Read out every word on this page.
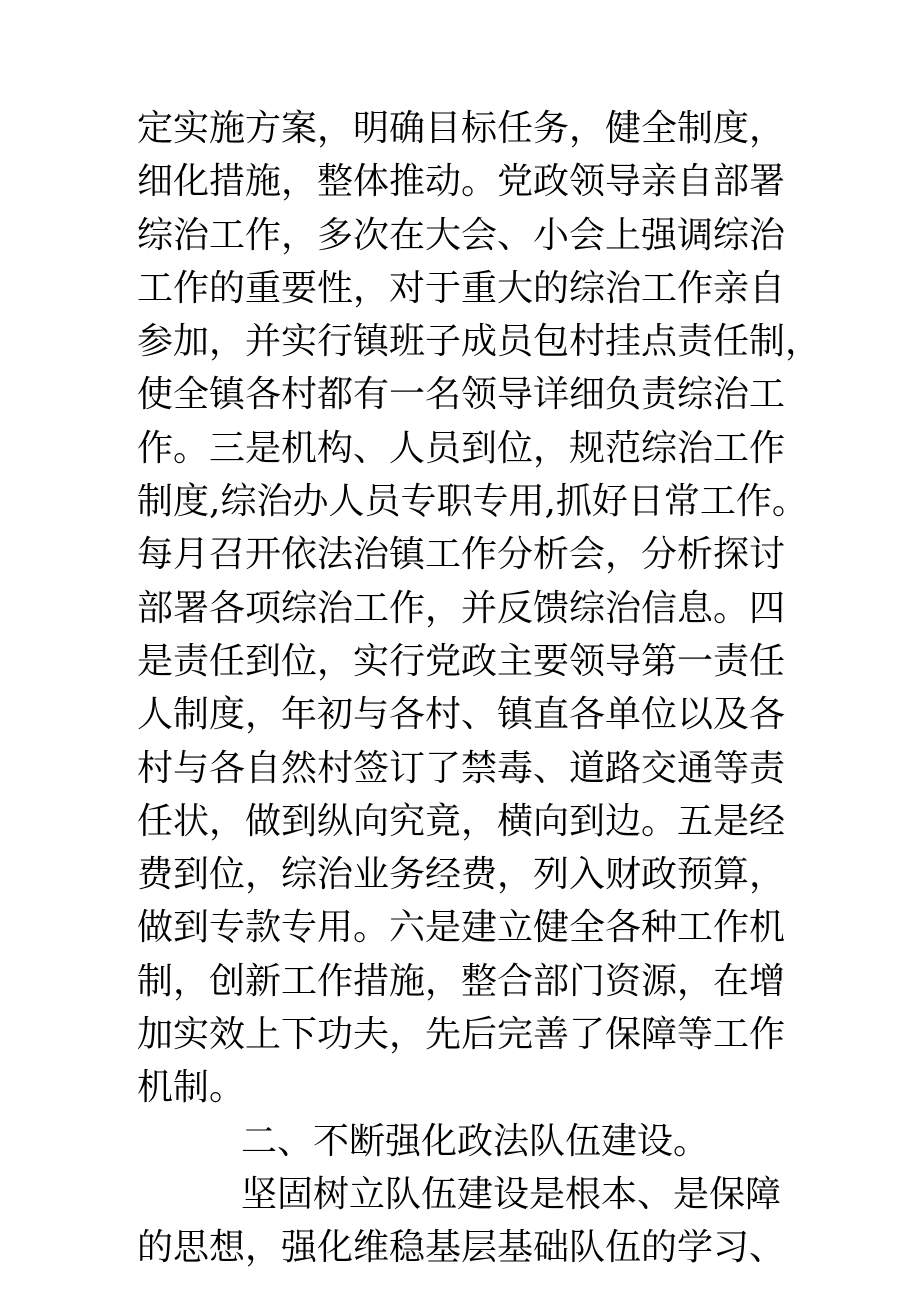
定实施方案，明确目标任务，健全制度，
细化措施，整体推动。党政领导亲自部署
综治工作，多次在大会、小会上强调综治
工作的重要性，对于重大的综治工作亲自
参加，并实行镇班子成员包村挂点责任制，
使全镇各村都有一名领导详细负责综治工
作。三是机构、人员到位，规范综治工作
制度,综治办人员专职专用,抓好日常工作。
每月召开依法治镇工作分析会，分析探讨
部署各项综治工作，并反馈综治信息。四
是责任到位，实行党政主要领导第一责任
人制度，年初与各村、镇直各单位以及各
村与各自然村签订了禁毒、道路交通等责
任状，做到纵向究竟，横向到边。五是经
费到位，综治业务经费，列入财政预算，
做到专款专用。六是建立健全各种工作机
制，创新工作措施，整合部门资源，在增
加实效上下功夫，先后完善了保障等工作
机制。
二、不断强化政法队伍建设。
坚固树立队伍建设是根本、是保障
的思想，强化维稳基层基础队伍的学习、
